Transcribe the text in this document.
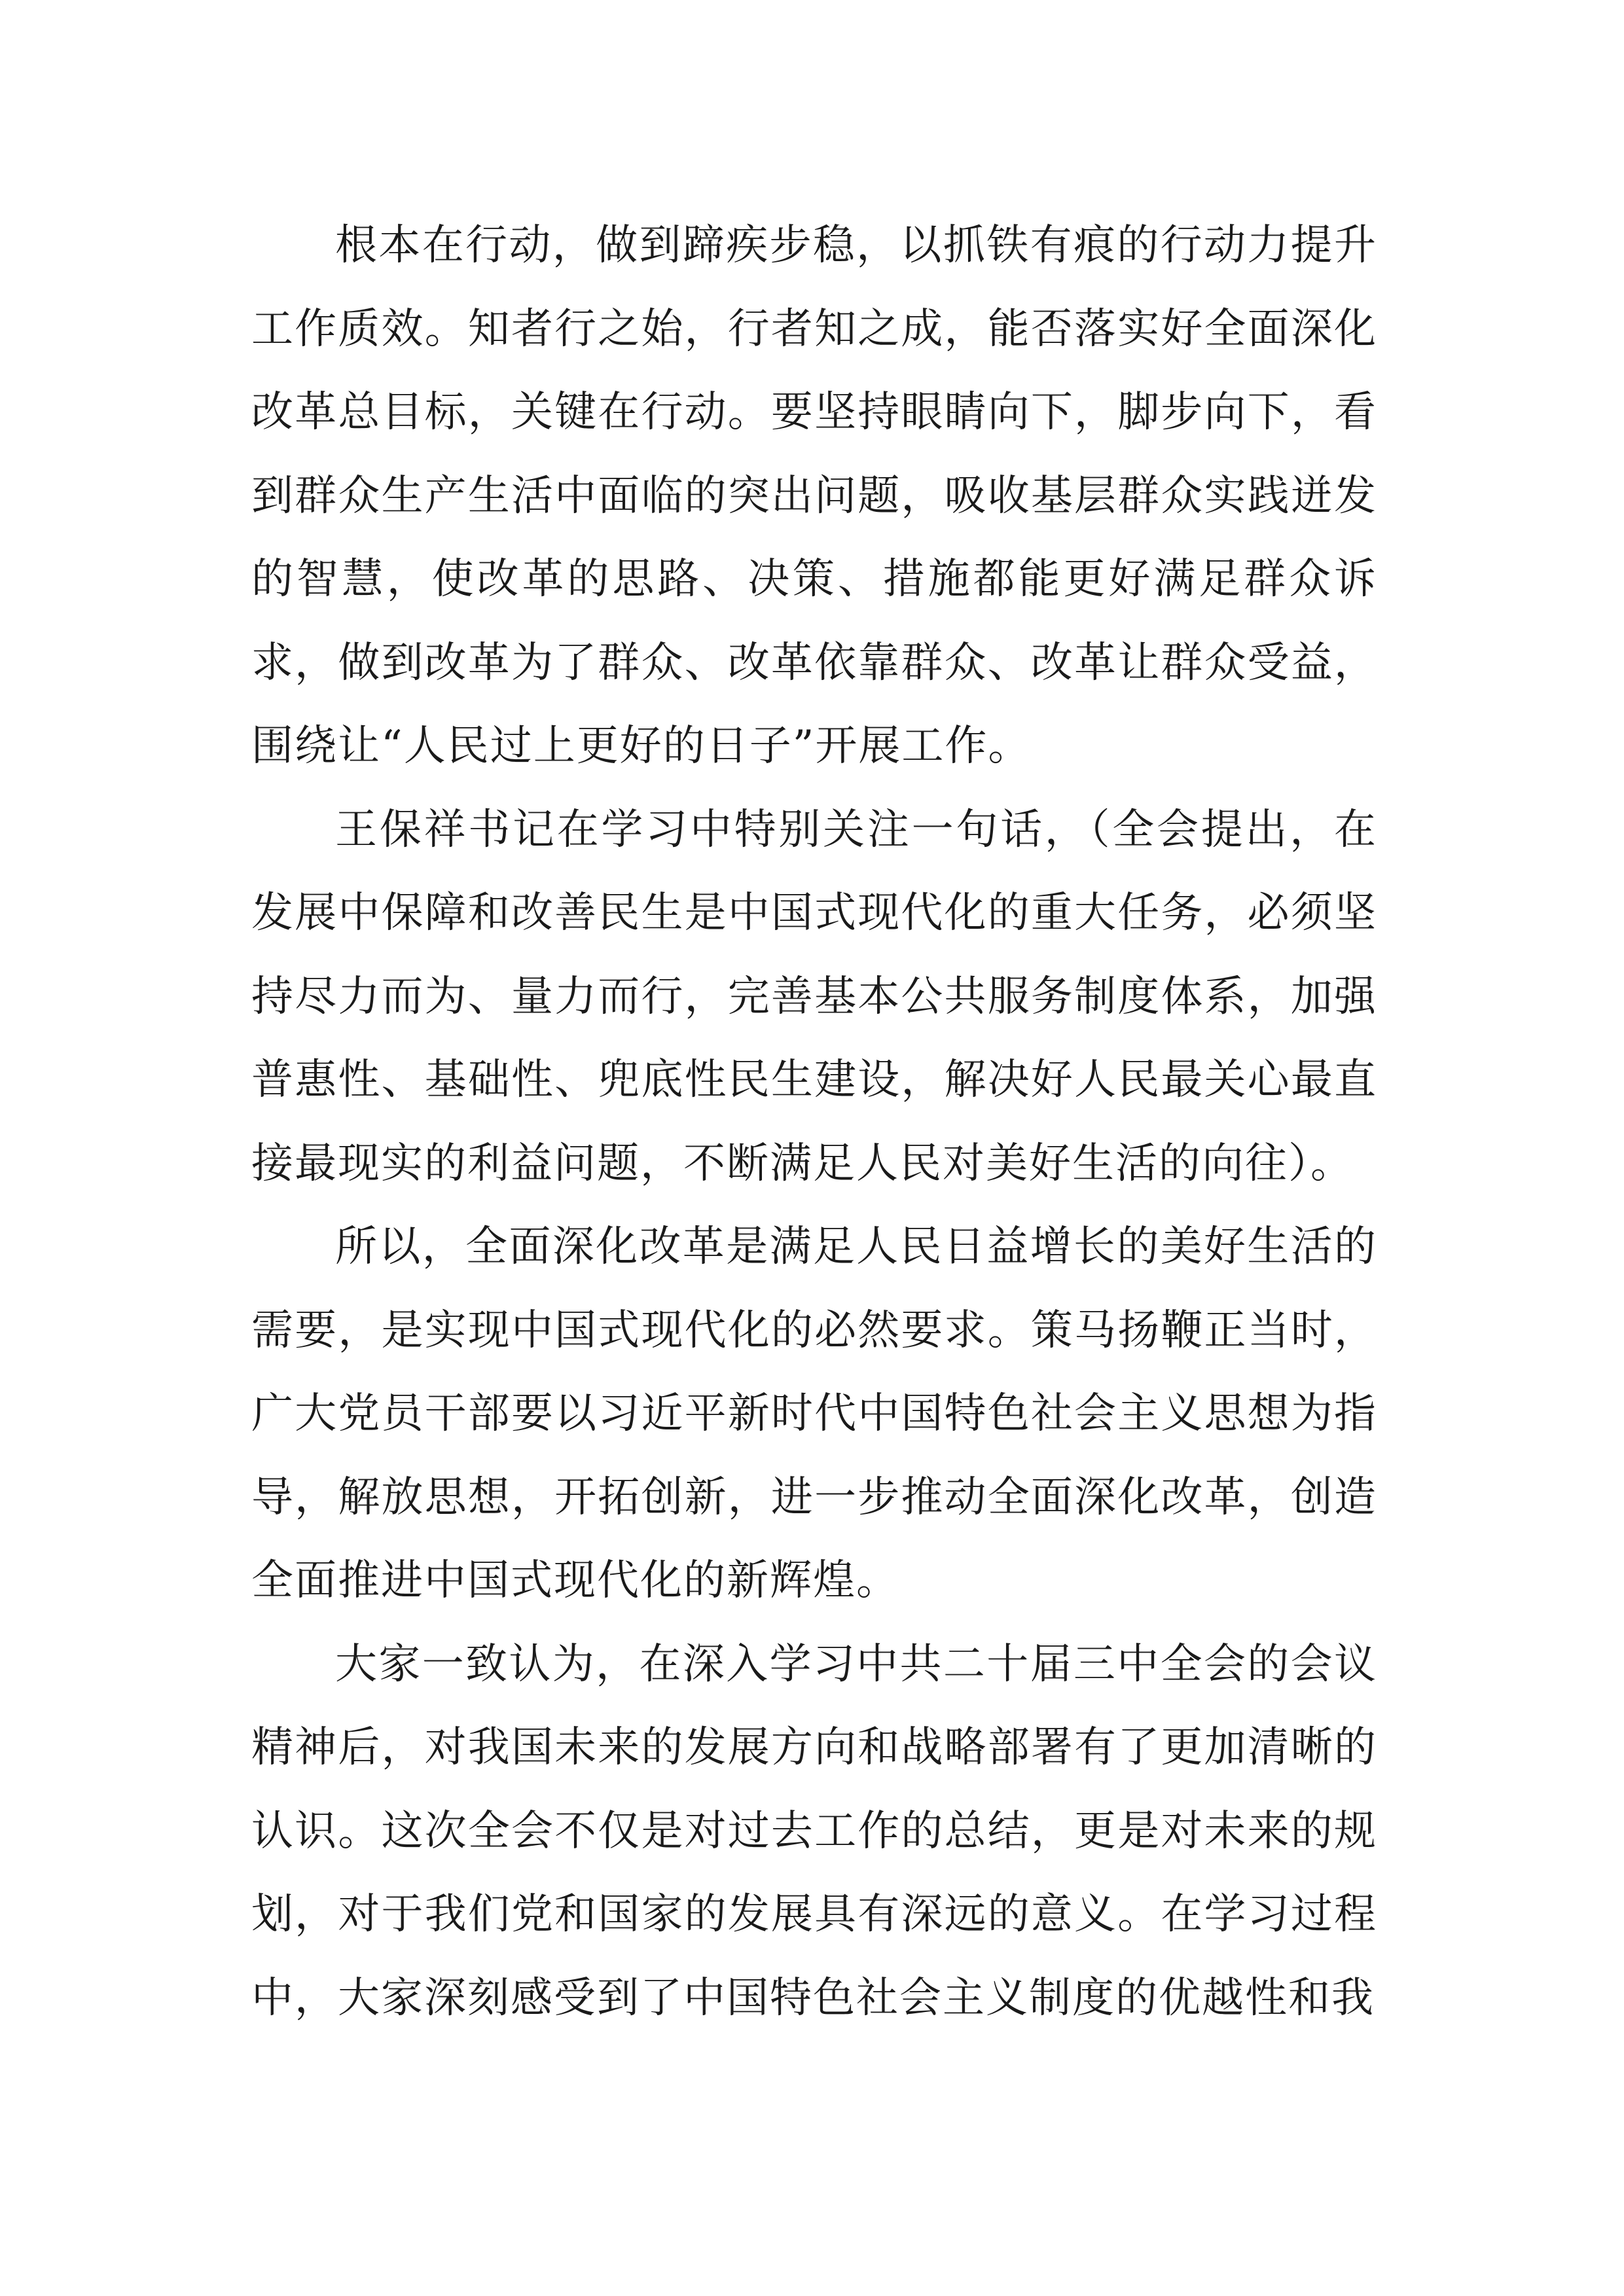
根本在行动，做到蹄疾步稳，以抓铁有痕的行动力提升工作质效。知者行之始，行者知之成，能否落实好全面深化改革总目标，关键在行动。要坚持眼睛向下，脚步向下，看到群众生产生活中面临的突出问题，吸收基层群众实践迸发的智慧，使改革的思路、决策、措施都能更好满足群众诉求，做到改革为了群众、改革依靠群众、改革让群众受益，围绕让“人民过上更好的日子”开展工作。

王保祥书记在学习中特别关注一句话，（全会提出，在发展中保障和改善民生是中国式现代化的重大任务，必须坚持尽力而为、量力而行，完善基本公共服务制度体系，加强普惠性、基础性、兜底性民生建设，解决好人民最关心最直接最现实的利益问题，不断满足人民对美好生活的向往）。

所以，全面深化改革是满足人民日益增长的美好生活的需要，是实现中国式现代化的必然要求。策马扬鞭正当时，广大党员干部要以习近平新时代中国特色社会主义思想为指导，解放思想，开拓创新，进一步推动全面深化改革，创造全面推进中国式现代化的新辉煌。

大家一致认为，在深入学习中共二十届三中全会的会议精神后，对我国未来的发展方向和战略部署有了更加清晰的认识。这次全会不仅是对过去工作的总结，更是对未来的规划，对于我们党和国家的发展具有深远的意义。在学习过程中，大家深刻感受到了中国特色社会主义制度的优越性和我
